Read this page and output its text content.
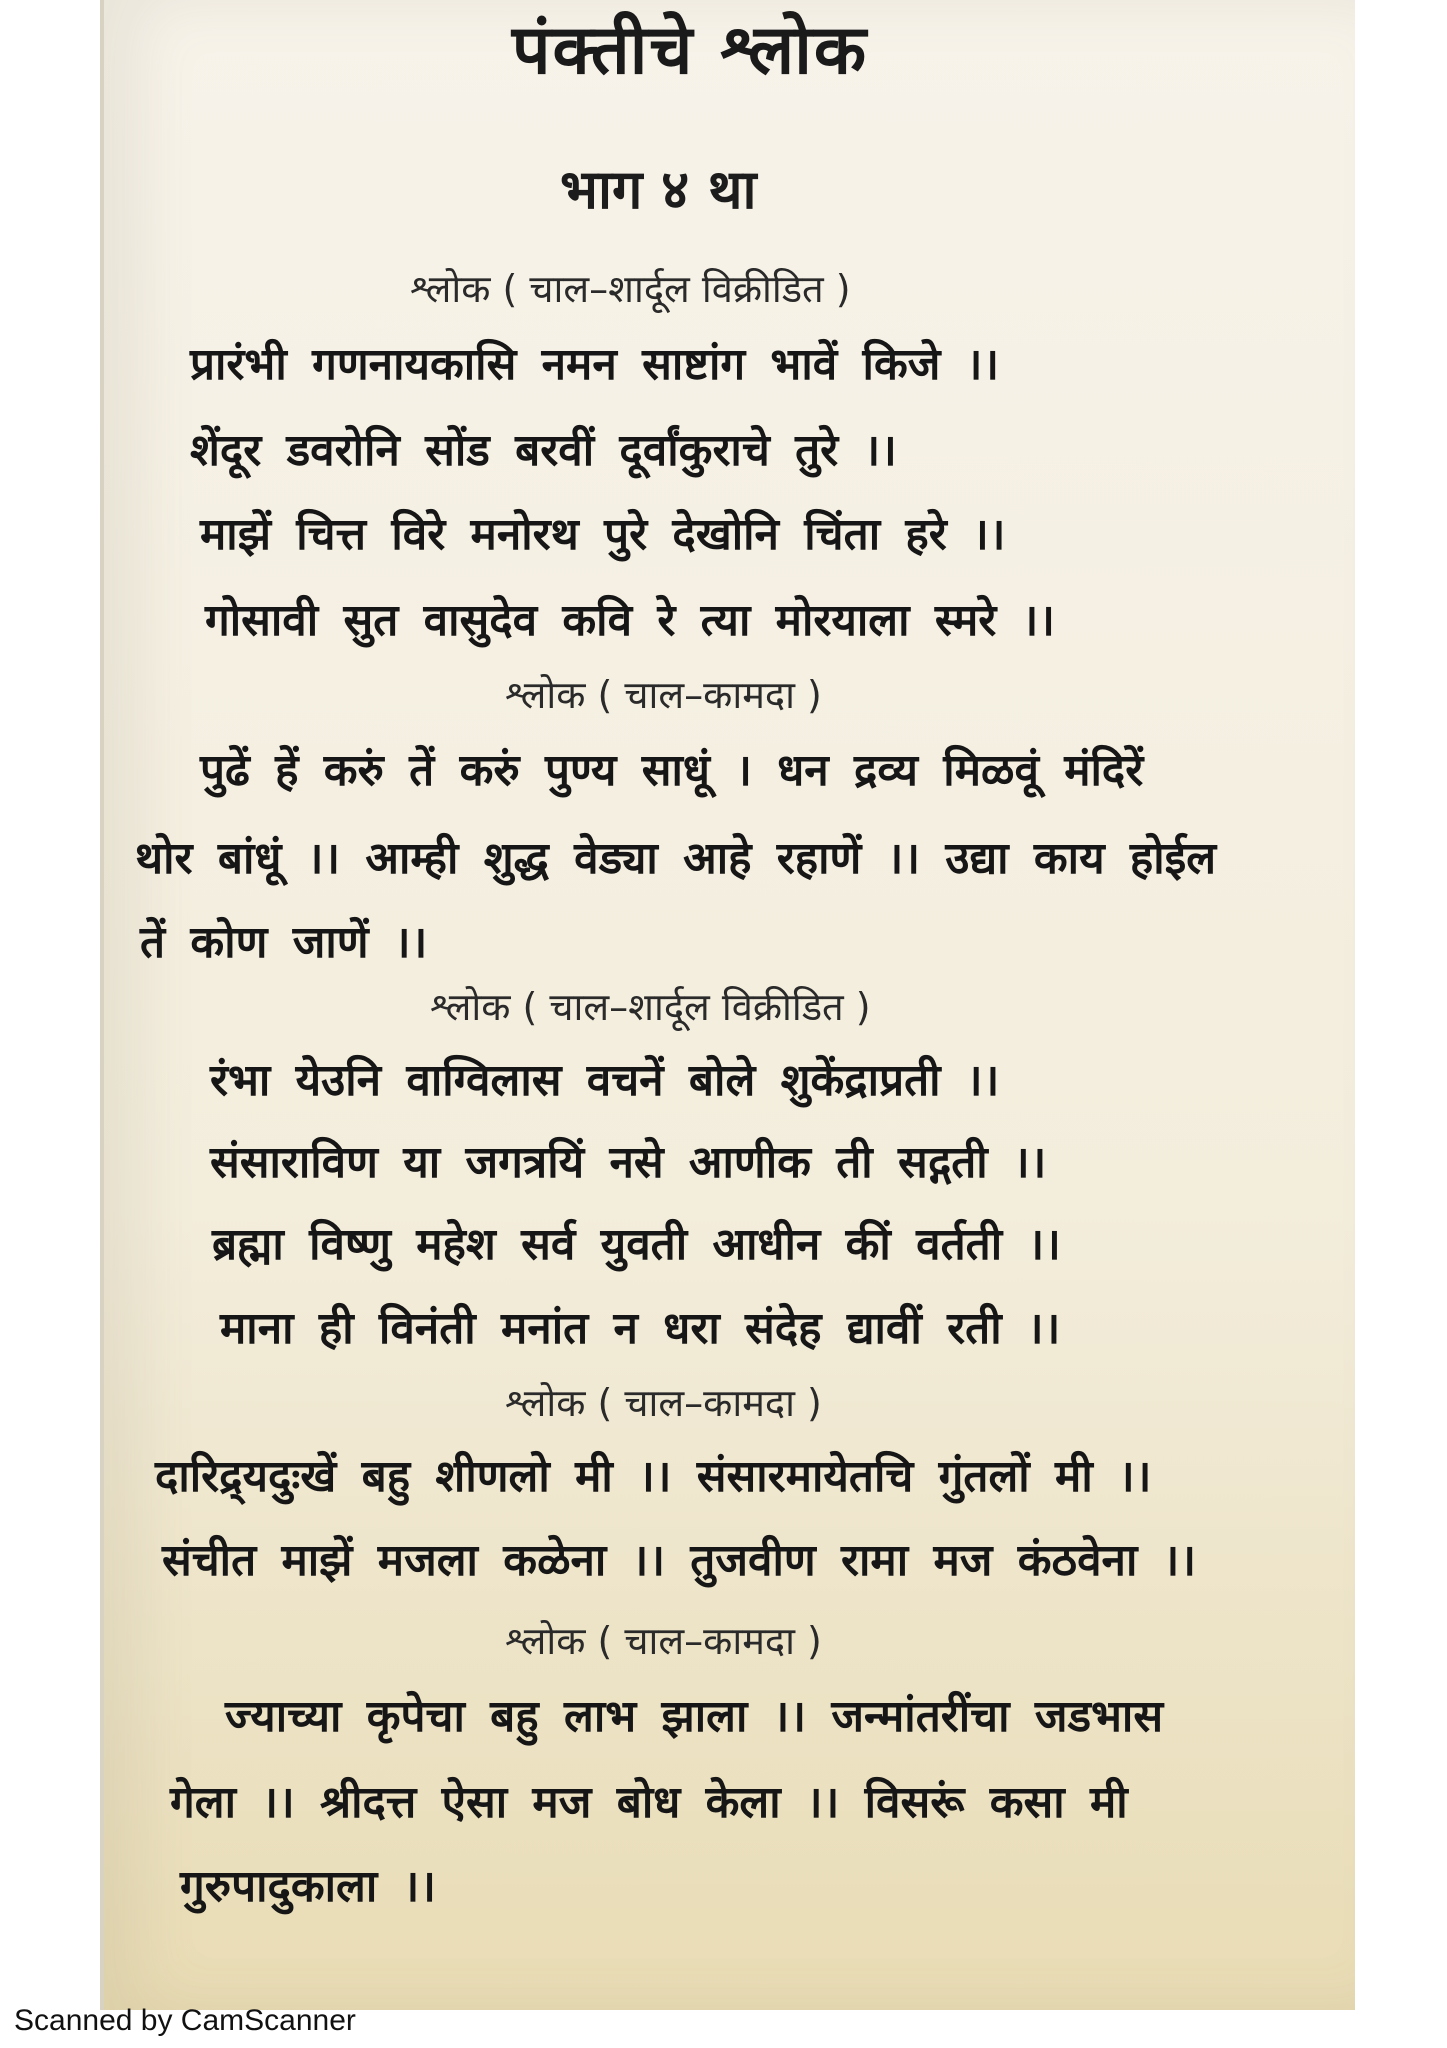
पंक्तीचे श्लोक
भाग ४ था
श्लोक ( चाल–शार्दूल विक्रीडित )
प्रारंभी गणनायकासि नमन साष्टांग भावें किजे ।।
शेंदूर डवरोनि सोंड बरवीं दूर्वांकुराचे तुरे ।।
माझें चित्त विरे मनोरथ पुरे देखोनि चिंता हरे ।।
गोसावी सुत वासुदेव कवि रे त्या मोरयाला स्मरे ।।
श्लोक ( चाल–कामदा )
पुढें हें करुं तें करुं पुण्य साधूं । धन द्रव्य मिळवूं मंदिरें
थोर बांधूं ।। आम्ही शुद्ध वेड्या आहे रहाणें ।। उद्या काय होईल
तें कोण जाणें ।।
श्लोक ( चाल–शार्दूल विक्रीडित )
रंभा येउनि वाग्विलास वचनें बोले शुकेंद्राप्रती ।।
संसाराविण या जगत्रयिं नसे आणीक ती सद्गती ।।
ब्रह्मा विष्णु महेश सर्व युवती आधीन कीं वर्तती ।।
माना ही विनंती मनांत न धरा संदेह द्यावीं रती ।।
श्लोक ( चाल–कामदा )
दारिद्र्यदुःखें बहु शीणलो मी ।। संसारमायेतचि गुंतलों मी ।।
संचीत माझें मजला कळेना ।। तुजवीण रामा मज कंठवेना ।।
श्लोक ( चाल–कामदा )
ज्याच्या कृपेचा बहु लाभ झाला ।। जन्मांतरींचा जडभास
गेला ।। श्रीदत्त ऐसा मज बोध केला ।। विसरूं कसा मी
गुरुपादुकाला ।।
Scanned by CamScanner
